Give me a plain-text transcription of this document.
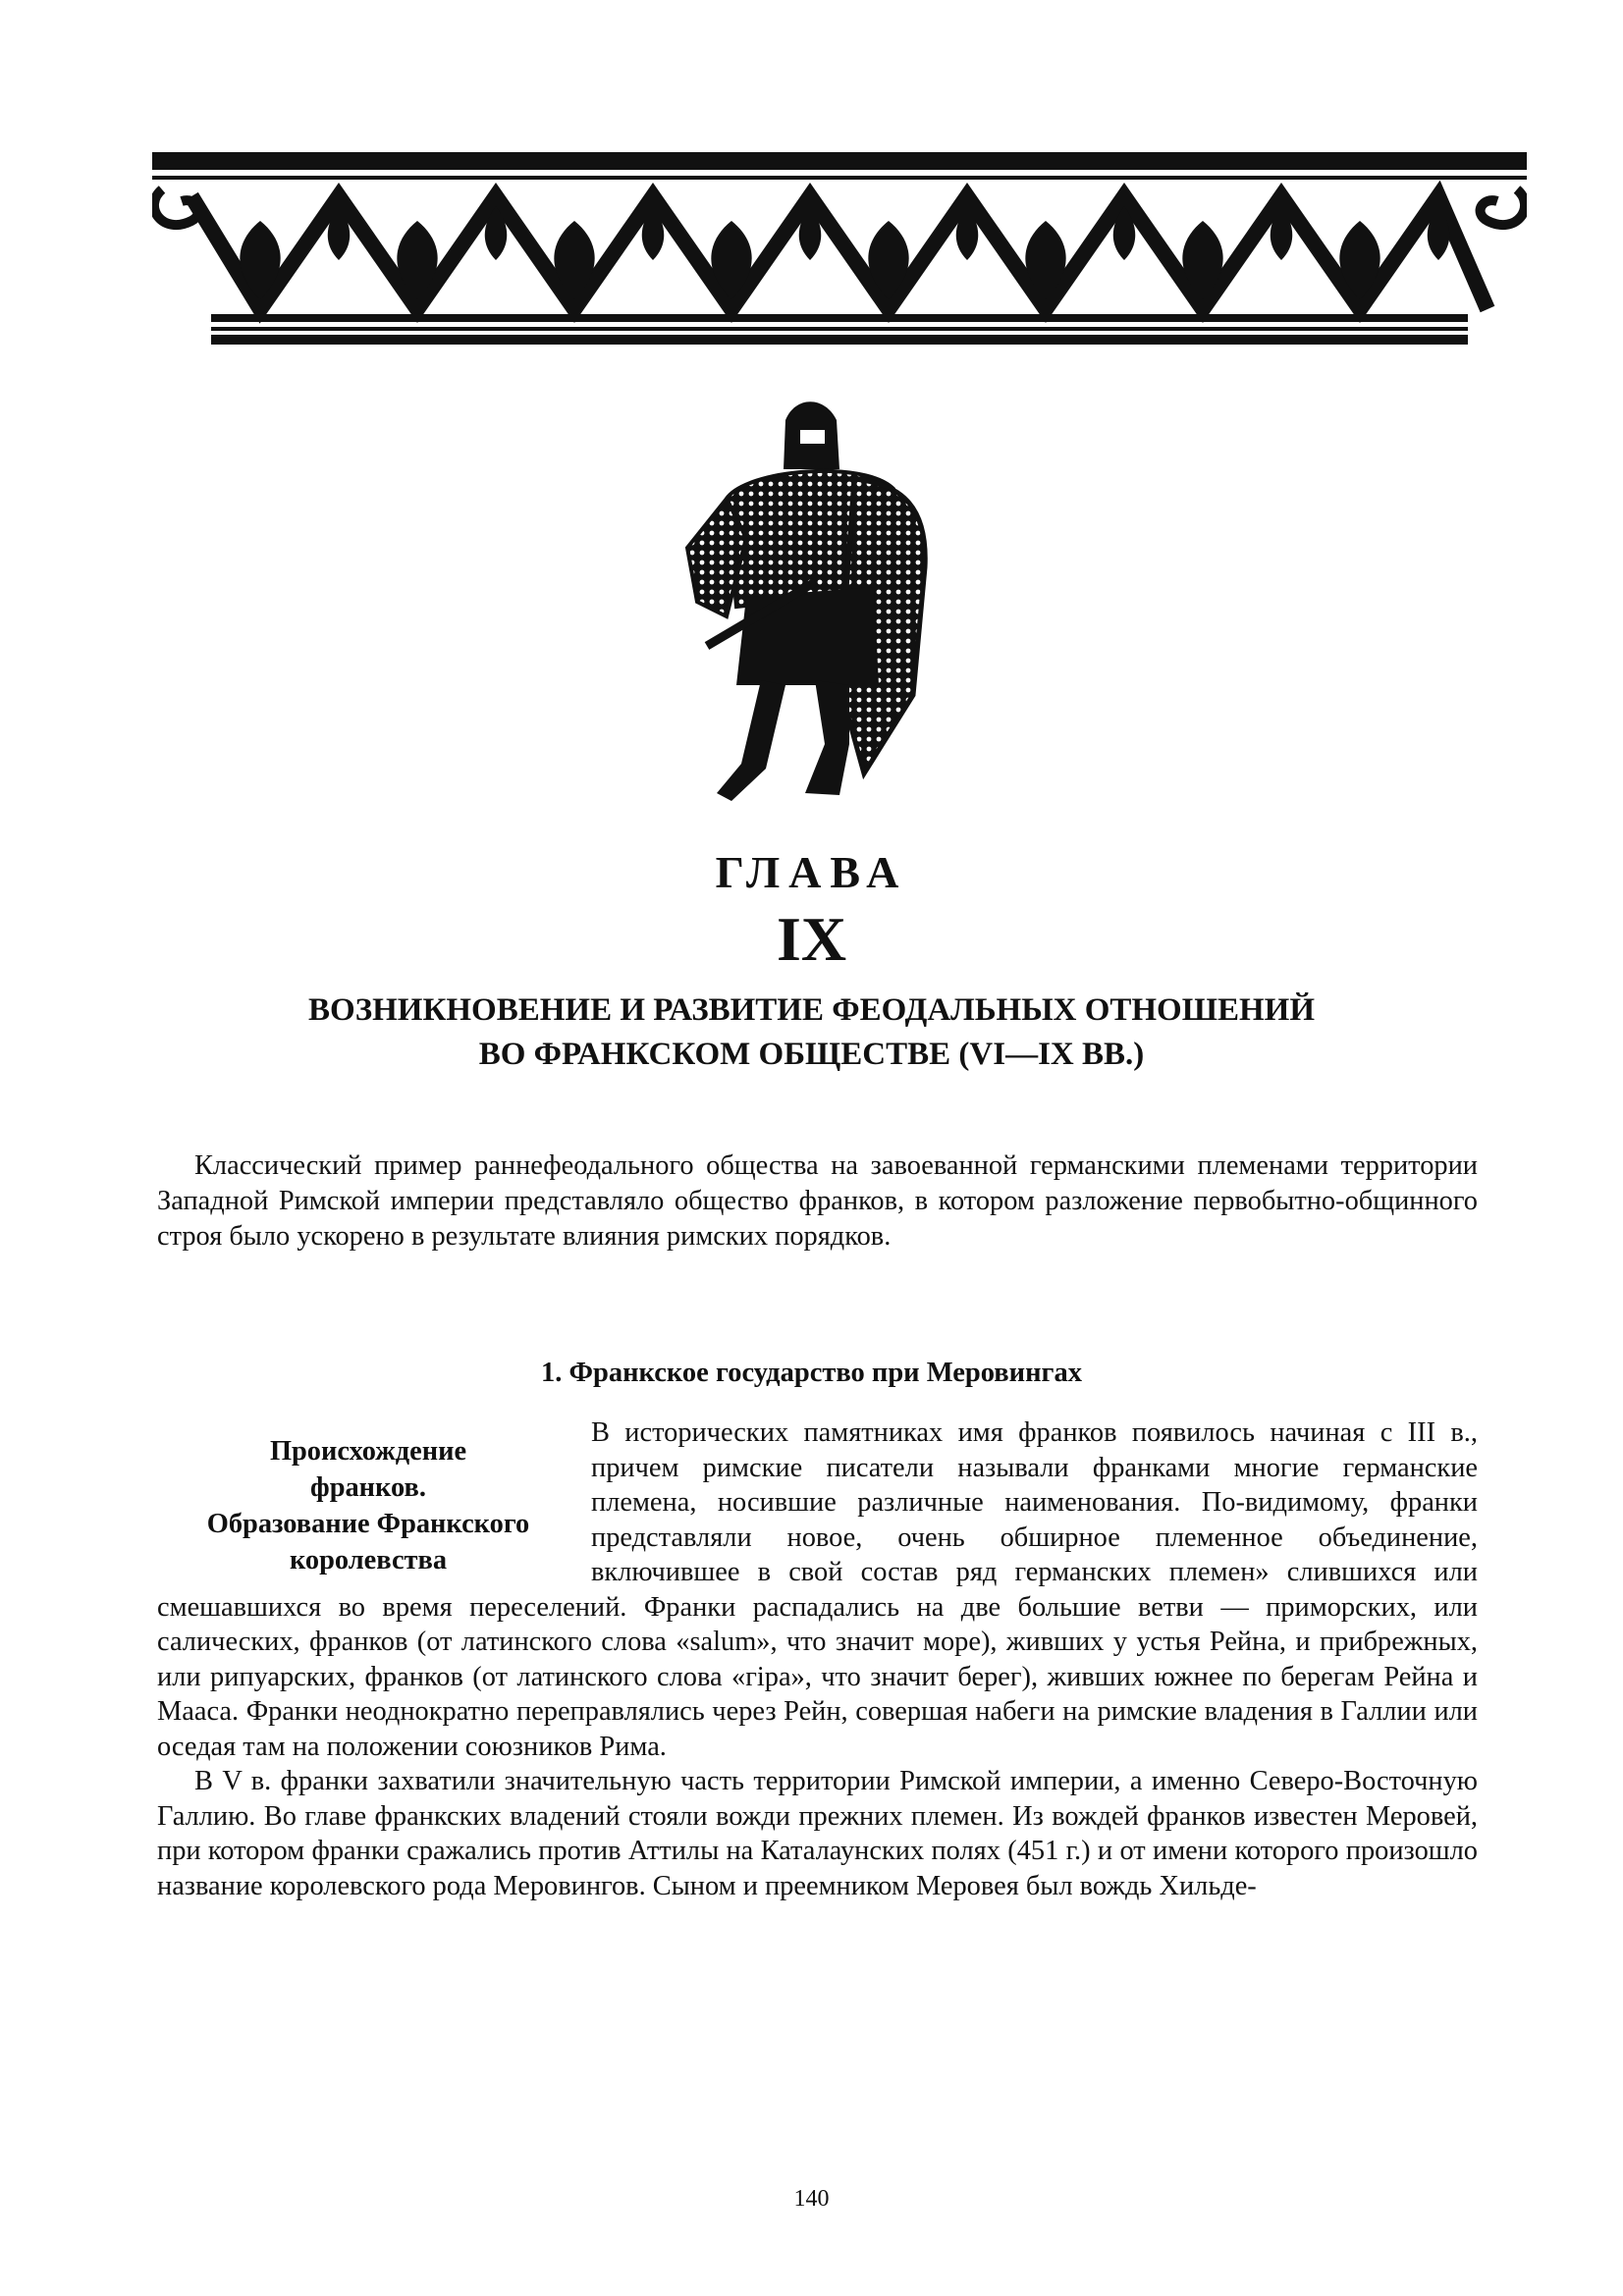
ГЛАВА
IX
ВОЗНИКНОВЕНИЕ И РАЗВИТИЕ ФЕОДАЛЬНЫХ ОТНОШЕНИЙ
ВО ФРАНКСКОМ ОБЩЕСТВЕ (VI—IX ВВ.)

Классический пример раннефеодального общества на завоеванной германскими племенами территории Западной Римской империи представляло общество франков, в котором разложение первобытно-общинного строя было ускорено в результате влияния римских порядков.

1. Франкское государство при Меровингах
Происхождение
франков.
Образование Франкского
королевства

В исторических памятниках имя франков появилось начиная с III в., причем римские писатели называли франками многие германские племена, носившие различные наименования. По-видимому, франки представляли новое, очень обширное племенное объединение, включившее в свой состав ряд германских племен» слившихся или смешавшихся во время переселений. Франки распадались на две большие ветви — приморских, или салических, франков (от латинского слова «salum», что значит море), живших у устья Рейна, и прибрежных, или рипуарских, франков (от латинского слова «гіра», что значит берег), живших южнее по берегам Рейна и Мааса. Франки неоднократно переправлялись через Рейн, совершая набеги на римские владения в Галлии или оседая там на положении союзников Рима.

В V в. франки захватили значительную часть территории Римской империи, а именно Северо-Восточную Галлию. Во главе франкских владений стояли вожди прежних племен. Из вождей франков известен Меровей, при котором франки сражались против Аттилы на Каталаунских полях (451 г.) и от имени которого произошло название королевского рода Меровингов. Сыном и преемником Меровея был вождь Хильде-

140
